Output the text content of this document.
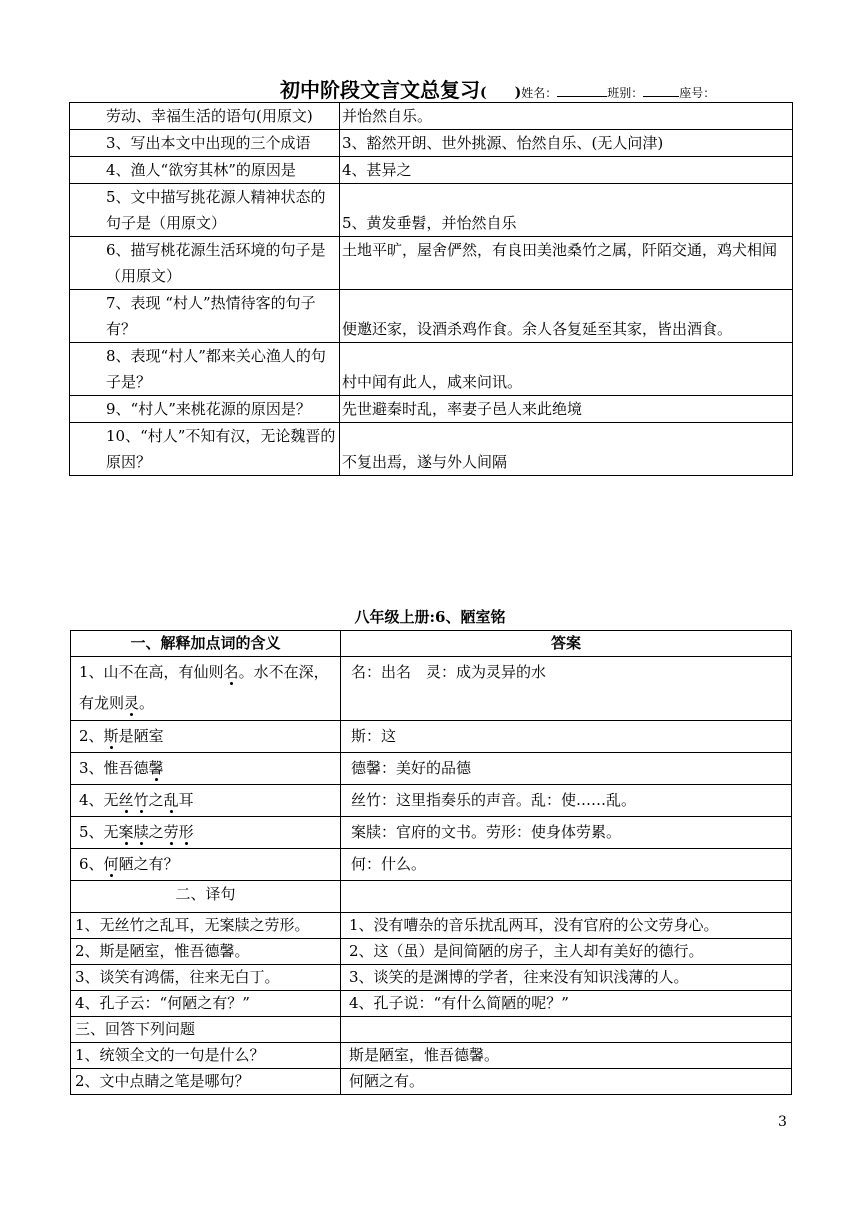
初中阶段文言文总复习(　　)姓名：	班别：	座号：
劳动、幸福生活的语句(用原文)	并怡然自乐。
3、写出本文中出现的三个成语	3、豁然开朗、世外挑源、怡然自乐、(无人问津)
4、渔人“欲穷其林”的原因是	4、甚异之
5、文中描写挑花源人精神状态的句子是（用原文）	5、黄发垂髫，并怡然自乐
6、描写桃花源生活环境的句子是（用原文）	土地平旷，屋舍俨然，有良田美池桑竹之属，阡陌交通，鸡犬相闻
7、表现 “村人”热情待客的句子有？	便邀还家，设酒杀鸡作食。余人各复延至其家，皆出酒食。
8、表现“村人”都来关心渔人的句子是？	村中闻有此人，咸来问讯。
9、“村人”来桃花源的原因是？	先世避秦时乱，率妻子邑人来此绝境
10、“村人”不知有汉，无论魏晋的原因？	不复出焉，遂与外人间隔
八年级上册:6、陋室铭
一、解释加点词的含义	答案
1、山不在高，有仙则名。水不在深，有龙则灵。	名：出名　灵：成为灵异的水
2、斯是陋室	斯：这
3、惟吾德馨	德馨：美好的品德
4、无丝竹之乱耳	丝竹：这里指奏乐的声音。乱：使……乱。
5、无案牍之劳形	案牍：官府的文书。劳形：使身体劳累。
6、何陋之有？	何：什么。
二、译句	
1、无丝竹之乱耳，无案牍之劳形。	1、没有嘈杂的音乐扰乱两耳，没有官府的公文劳身心。
2、斯是陋室，惟吾德馨。	2、这（虽）是间简陋的房子，主人却有美好的德行。
3、谈笑有鸿儒，往来无白丁。	3、谈笑的是渊博的学者，往来没有知识浅薄的人。
4、孔子云：“何陋之有？”	4、孔子说：“有什么简陋的呢？”
三、回答下列问题	
1、统领全文的一句是什么？	斯是陋室，惟吾德馨。
2、文中点睛之笔是哪句？	何陋之有。
3
